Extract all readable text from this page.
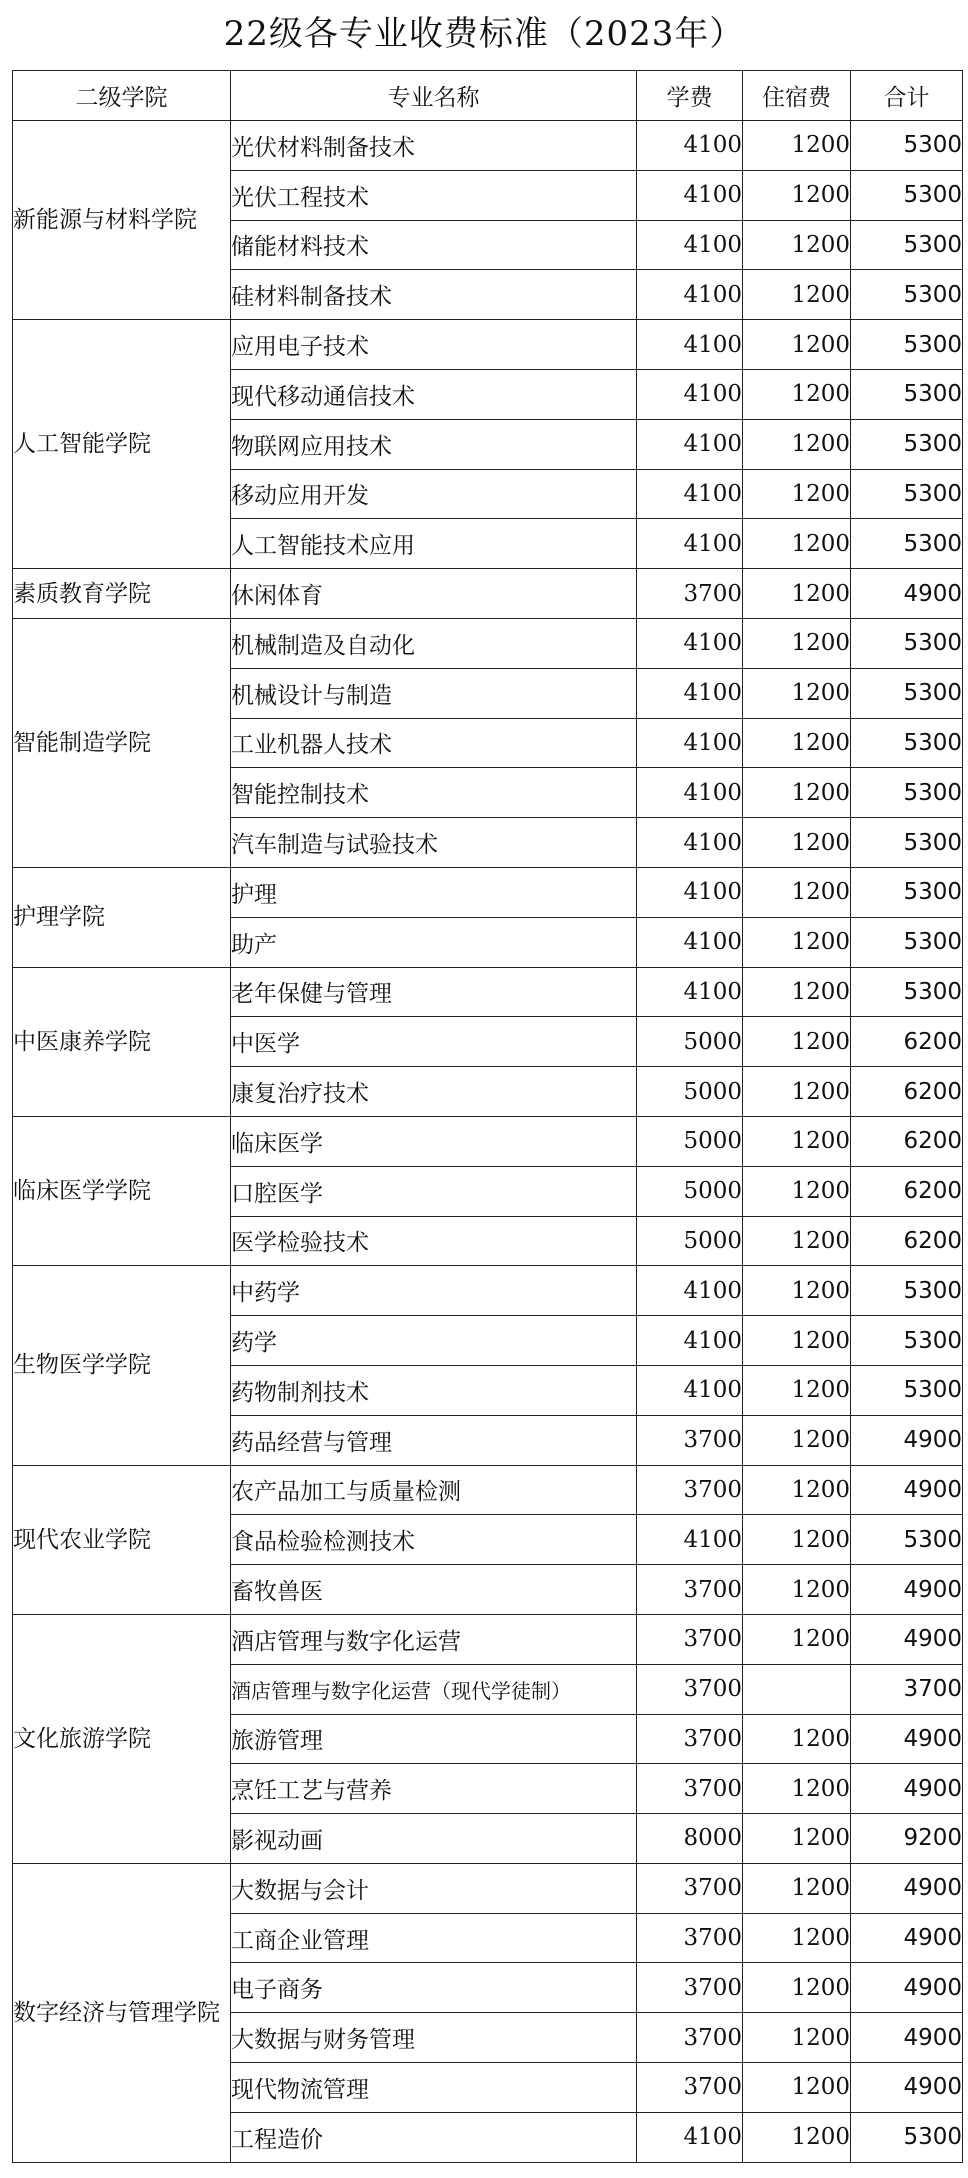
22级各专业收费标准（2023年）
二级学院	专业名称	学费	住宿费	合计
新能源与材料学院	光伏材料制备技术	4100	1200	5300
	光伏工程技术	4100	1200	5300
	储能材料技术	4100	1200	5300
	硅材料制备技术	4100	1200	5300
人工智能学院	应用电子技术	4100	1200	5300
	现代移动通信技术	4100	1200	5300
	物联网应用技术	4100	1200	5300
	移动应用开发	4100	1200	5300
	人工智能技术应用	4100	1200	5300
素质教育学院	休闲体育	3700	1200	4900
智能制造学院	机械制造及自动化	4100	1200	5300
	机械设计与制造	4100	1200	5300
	工业机器人技术	4100	1200	5300
	智能控制技术	4100	1200	5300
	汽车制造与试验技术	4100	1200	5300
护理学院	护理	4100	1200	5300
	助产	4100	1200	5300
中医康养学院	老年保健与管理	4100	1200	5300
	中医学	5000	1200	6200
	康复治疗技术	5000	1200	6200
临床医学学院	临床医学	5000	1200	6200
	口腔医学	5000	1200	6200
	医学检验技术	5000	1200	6200
生物医学学院	中药学	4100	1200	5300
	药学	4100	1200	5300
	药物制剂技术	4100	1200	5300
	药品经营与管理	3700	1200	4900
现代农业学院	农产品加工与质量检测	3700	1200	4900
	食品检验检测技术	4100	1200	5300
	畜牧兽医	3700	1200	4900
文化旅游学院	酒店管理与数字化运营	3700	1200	4900
	酒店管理与数字化运营（现代学徒制）	3700		3700
	旅游管理	3700	1200	4900
	烹饪工艺与营养	3700	1200	4900
	影视动画	8000	1200	9200
数字经济与管理学院	大数据与会计	3700	1200	4900
	工商企业管理	3700	1200	4900
	电子商务	3700	1200	4900
	大数据与财务管理	3700	1200	4900
	现代物流管理	3700	1200	4900
	工程造价	4100	1200	5300
